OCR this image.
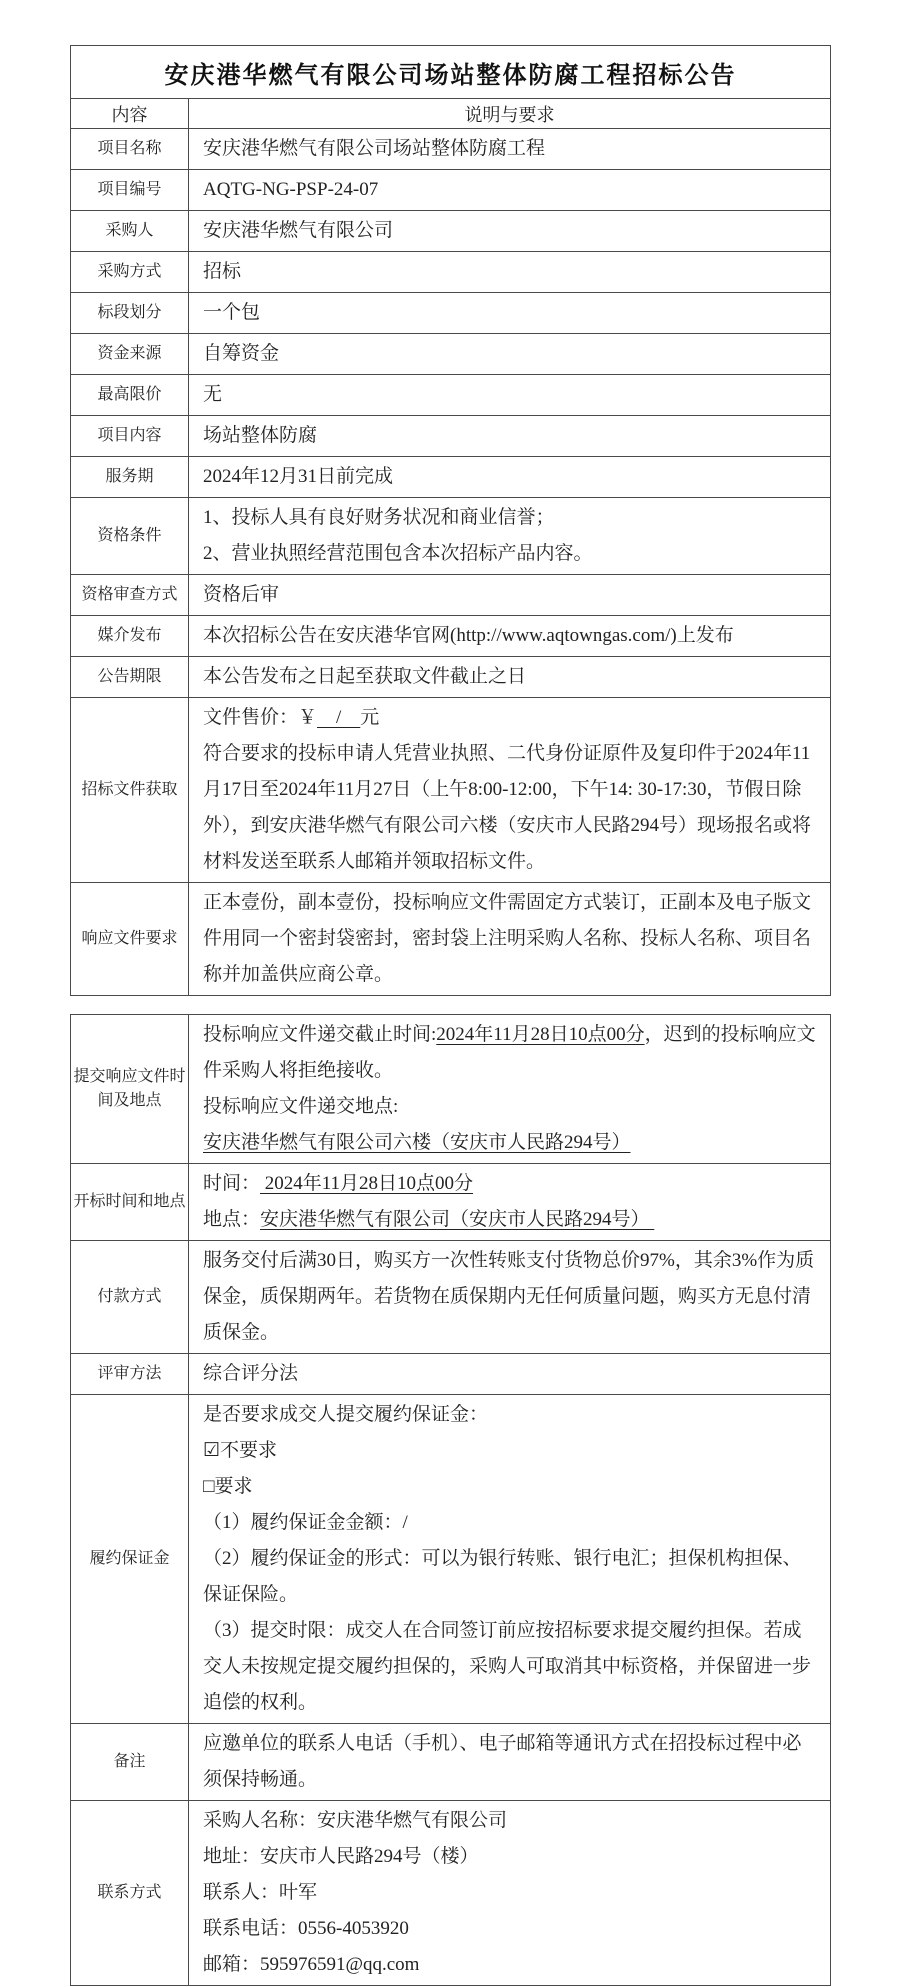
安庆港华燃气有限公司场站整体防腐工程招标公告	
内容	说明与要求
项目名称	安庆港华燃气有限公司场站整体防腐工程

项目编号	AQTG-NG-PSP-24-07

采购人	安庆港华燃气有限公司

采购方式	招标

标段划分	一个包

资金来源	自筹资金

最高限价	无

项目内容	场站整体防腐

服务期	2024年12月31日前完成

资格条件	1、投标人具有良好财务状况和商业信誉；
2、营业执照经营范围包含本次招标产品内容。

资格审查方式	资格后审

媒介发布	本次招标公告在安庆港华官网(http://www.aqtowngas.com/)上发布

公告期限	本公告发布之日起至获取文件截止之日

招标文件获取	文件售价：￥    /    元
符合要求的投标申请人凭营业执照、二代身份证原件及复印件于2024年11月17日至2024年11月27日（上午8:00-12:00，下午14: 30-17:30，节假日除外），到安庆港华燃气有限公司六楼（安庆市人民路294号）现场报名或将材料发送至联系人邮箱并领取招标文件。

响应文件要求	正本壹份，副本壹份，投标响应文件需固定方式装订，正副本及电子版文件用同一个密封袋密封，密封袋上注明采购人名称、投标人名称、项目名称并加盖供应商公章。
提交响应文件时间及地点	投标响应文件递交截止时间:2024年11月28日10点00分，迟到的投标响应文件采购人将拒绝接收。
投标响应文件递交地点:安庆港华燃气有限公司六楼（安庆市人民路294号）

开标时间和地点	时间： 2024年11月28日10点00分
地点：安庆港华燃气有限公司（安庆市人民路294号）

付款方式	服务交付后满30日，购买方一次性转账支付货物总价97%，其余3%作为质保金，质保期两年。若货物在质保期内无任何质量问题，购买方无息付清质保金。

评审方法	综合评分法

履约保证金	
是否要求成交人提交履约保证金：
☑不要求
□要求
（1）履约保证金金额：/
（2）履约保证金的形式：可以为银行转账、银行电汇；担保机构担保、保证保险。
（3）提交时限：成交人在合同签订前应按招标要求提交履约担保。若成交人未按规定提交履约担保的，采购人可取消其中标资格，并保留进一步追偿的权利。

备注	应邀单位的联系人电话（手机）、电子邮箱等通讯方式在招投标过程中必须保持畅通。

联系方式	采购人名称：安庆港华燃气有限公司
地址：安庆市人民路294号（楼）
联系人：叶军
联系电话：0556-4053920
邮箱：595976591@qq.com
